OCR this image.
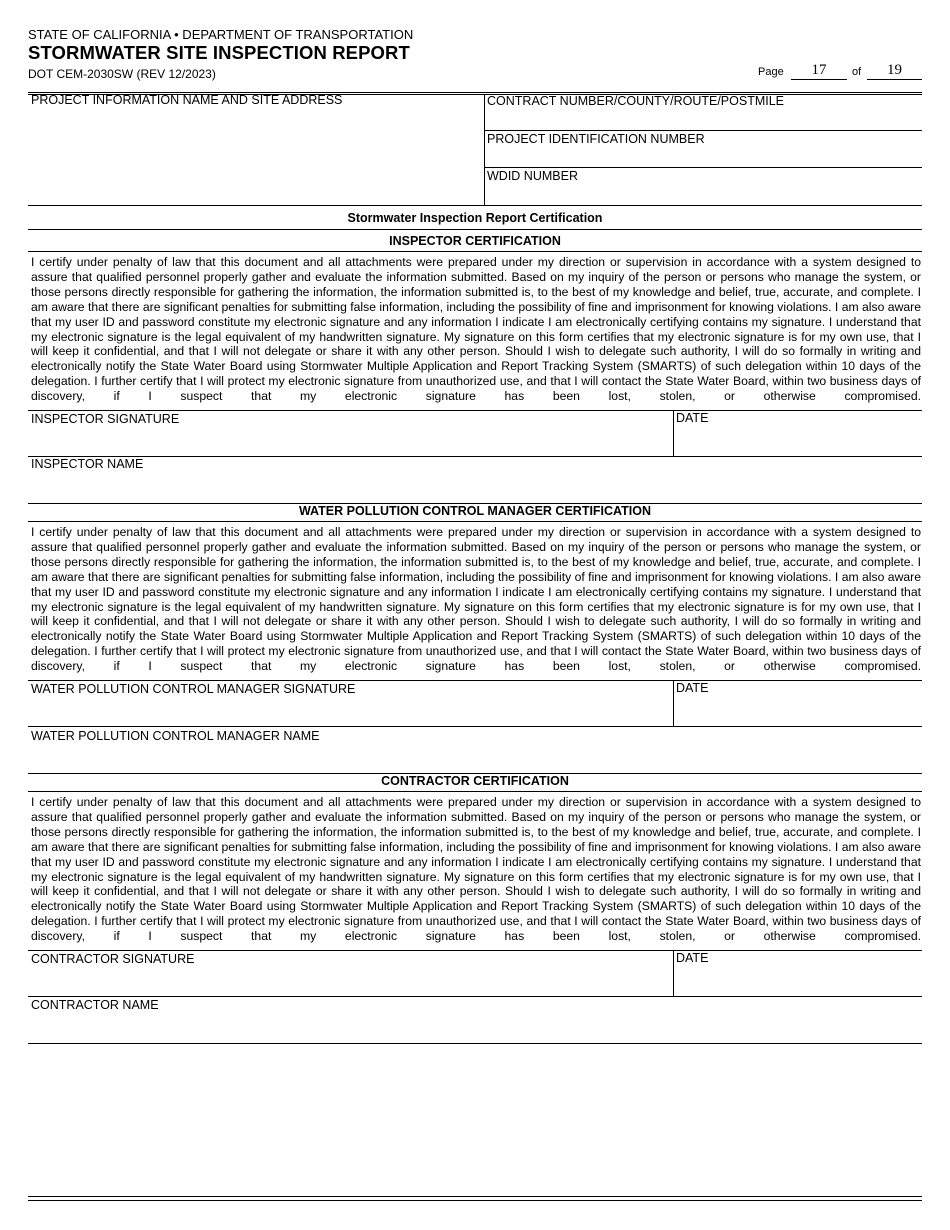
STATE OF CALIFORNIA • DEPARTMENT OF TRANSPORTATION
STORMWATER SITE INSPECTION REPORT
DOT CEM-2030SW (REV 12/2023)	Page	17	of	19
PROJECT INFORMATION NAME AND SITE ADDRESS	CONTRACT NUMBER/COUNTY/ROUTE/POSTMILE
PROJECT IDENTIFICATION NUMBER
WDID NUMBER
Stormwater Inspection Report Certification
INSPECTOR CERTIFICATION
I certify under penalty of law that this document and all attachments were prepared under my direction or supervision in accordance with a system designed to assure that qualified personnel properly gather and evaluate the information submitted. Based on my inquiry of the person or persons who manage the system, or those persons directly responsible for gathering the information, the information submitted is, to the best of my knowledge and belief, true, accurate, and complete. I am aware that there are significant penalties for submitting false information, including the possibility of fine and imprisonment for knowing violations. I am also aware that my user ID and password constitute my electronic signature and any information I indicate I am electronically certifying contains my signature. I understand that my electronic signature is the legal equivalent of my handwritten signature. My signature on this form certifies that my electronic signature is for my own use, that I will keep it confidential, and that I will not delegate or share it with any other person. Should I wish to delegate such authority, I will do so formally in writing and electronically notify the State Water Board using Stormwater Multiple Application and Report Tracking System (SMARTS) of such delegation within 10 days of the delegation. I further certify that I will protect my electronic signature from unauthorized use, and that I will contact the State Water Board, within two business days of discovery, if I suspect that my electronic signature has been lost, stolen, or otherwise compromised.
INSPECTOR SIGNATURE	DATE
INSPECTOR NAME
WATER POLLUTION CONTROL MANAGER CERTIFICATION
I certify under penalty of law that this document and all attachments were prepared under my direction or supervision in accordance with a system designed to assure that qualified personnel properly gather and evaluate the information submitted. Based on my inquiry of the person or persons who manage the system, or those persons directly responsible for gathering the information, the information submitted is, to the best of my knowledge and belief, true, accurate, and complete. I am aware that there are significant penalties for submitting false information, including the possibility of fine and imprisonment for knowing violations. I am also aware that my user ID and password constitute my electronic signature and any information I indicate I am electronically certifying contains my signature. I understand that my electronic signature is the legal equivalent of my handwritten signature. My signature on this form certifies that my electronic signature is for my own use, that I will keep it confidential, and that I will not delegate or share it with any other person. Should I wish to delegate such authority, I will do so formally in writing and electronically notify the State Water Board using Stormwater Multiple Application and Report Tracking System (SMARTS) of such delegation within 10 days of the delegation. I further certify that I will protect my electronic signature from unauthorized use, and that I will contact the State Water Board, within two business days of discovery, if I suspect that my electronic signature has been lost, stolen, or otherwise compromised.
WATER POLLUTION CONTROL MANAGER SIGNATURE	DATE
WATER POLLUTION CONTROL MANAGER NAME
CONTRACTOR CERTIFICATION
I certify under penalty of law that this document and all attachments were prepared under my direction or supervision in accordance with a system designed to assure that qualified personnel properly gather and evaluate the information submitted. Based on my inquiry of the person or persons who manage the system, or those persons directly responsible for gathering the information, the information submitted is, to the best of my knowledge and belief, true, accurate, and complete. I am aware that there are significant penalties for submitting false information, including the possibility of fine and imprisonment for knowing violations. I am also aware that my user ID and password constitute my electronic signature and any information I indicate I am electronically certifying contains my signature. I understand that my electronic signature is the legal equivalent of my handwritten signature. My signature on this form certifies that my electronic signature is for my own use, that I will keep it confidential, and that I will not delegate or share it with any other person. Should I wish to delegate such authority, I will do so formally in writing and electronically notify the State Water Board using Stormwater Multiple Application and Report Tracking System (SMARTS) of such delegation within 10 days of the delegation. I further certify that I will protect my electronic signature from unauthorized use, and that I will contact the State Water Board, within two business days of discovery, if I suspect that my electronic signature has been lost, stolen, or otherwise compromised.
CONTRACTOR SIGNATURE	DATE
CONTRACTOR NAME
